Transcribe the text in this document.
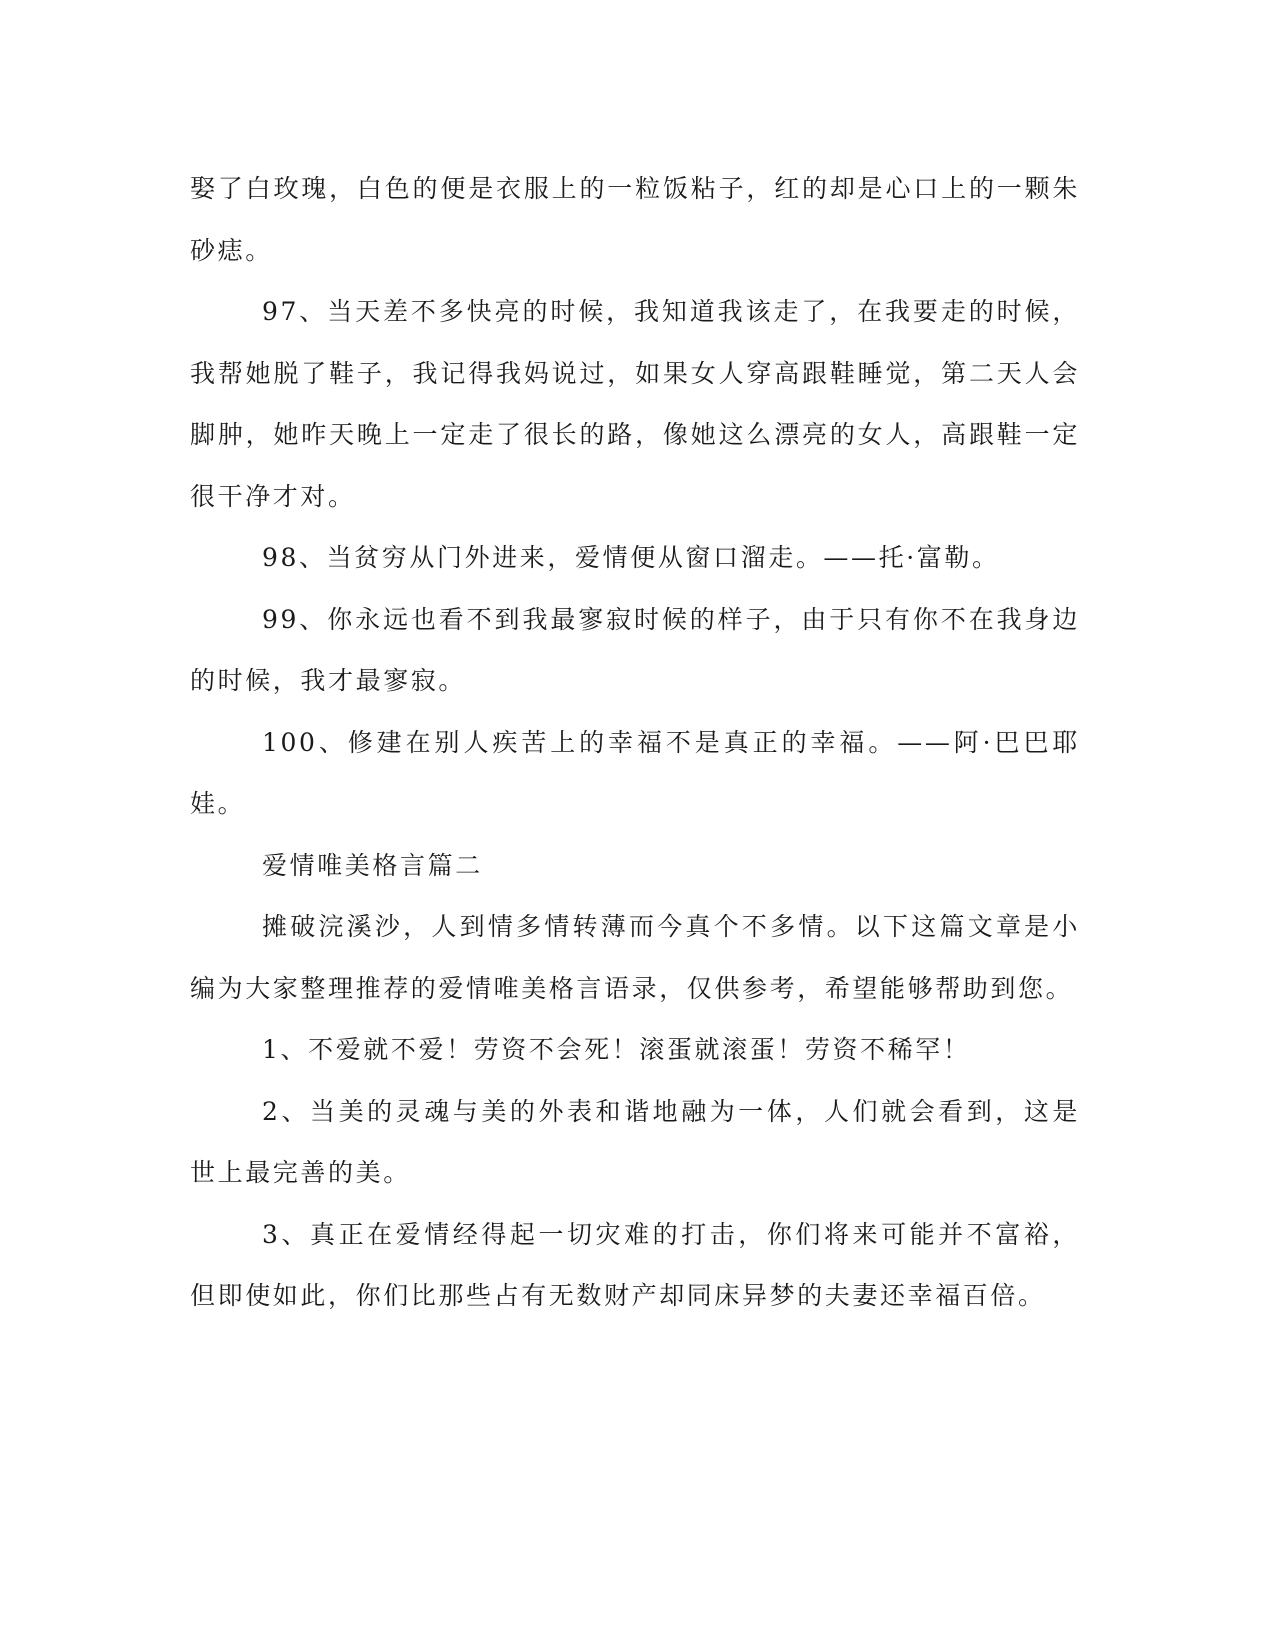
娶了白玫瑰，白色的便是衣服上的一粒饭粘子，红的却是心口上的一颗朱砂痣。

97、当天差不多快亮的时候，我知道我该走了，在我要走的时候，我帮她脱了鞋子，我记得我妈说过，如果女人穿高跟鞋睡觉，第二天人会脚肿，她昨天晚上一定走了很长的路，像她这么漂亮的女人，高跟鞋一定很干净才对。

98、当贫穷从门外进来，爱情便从窗口溜走。——托·富勒。

99、你永远也看不到我最寥寂时候的样子，由于只有你不在我身边的时候，我才最寥寂。

100、修建在别人疾苦上的幸福不是真正的幸福。——阿·巴巴耶娃。

爱情唯美格言篇二

摊破浣溪沙，人到情多情转薄而今真个不多情。以下这篇文章是小编为大家整理推荐的爱情唯美格言语录，仅供参考，希望能够帮助到您。

1、不爱就不爱！劳资不会死！滚蛋就滚蛋！劳资不稀罕！

2、当美的灵魂与美的外表和谐地融为一体，人们就会看到，这是世上最完善的美。

3、真正在爱情经得起一切灾难的打击，你们将来可能并不富裕，但即使如此，你们比那些占有无数财产却同床异梦的夫妻还幸福百倍。
